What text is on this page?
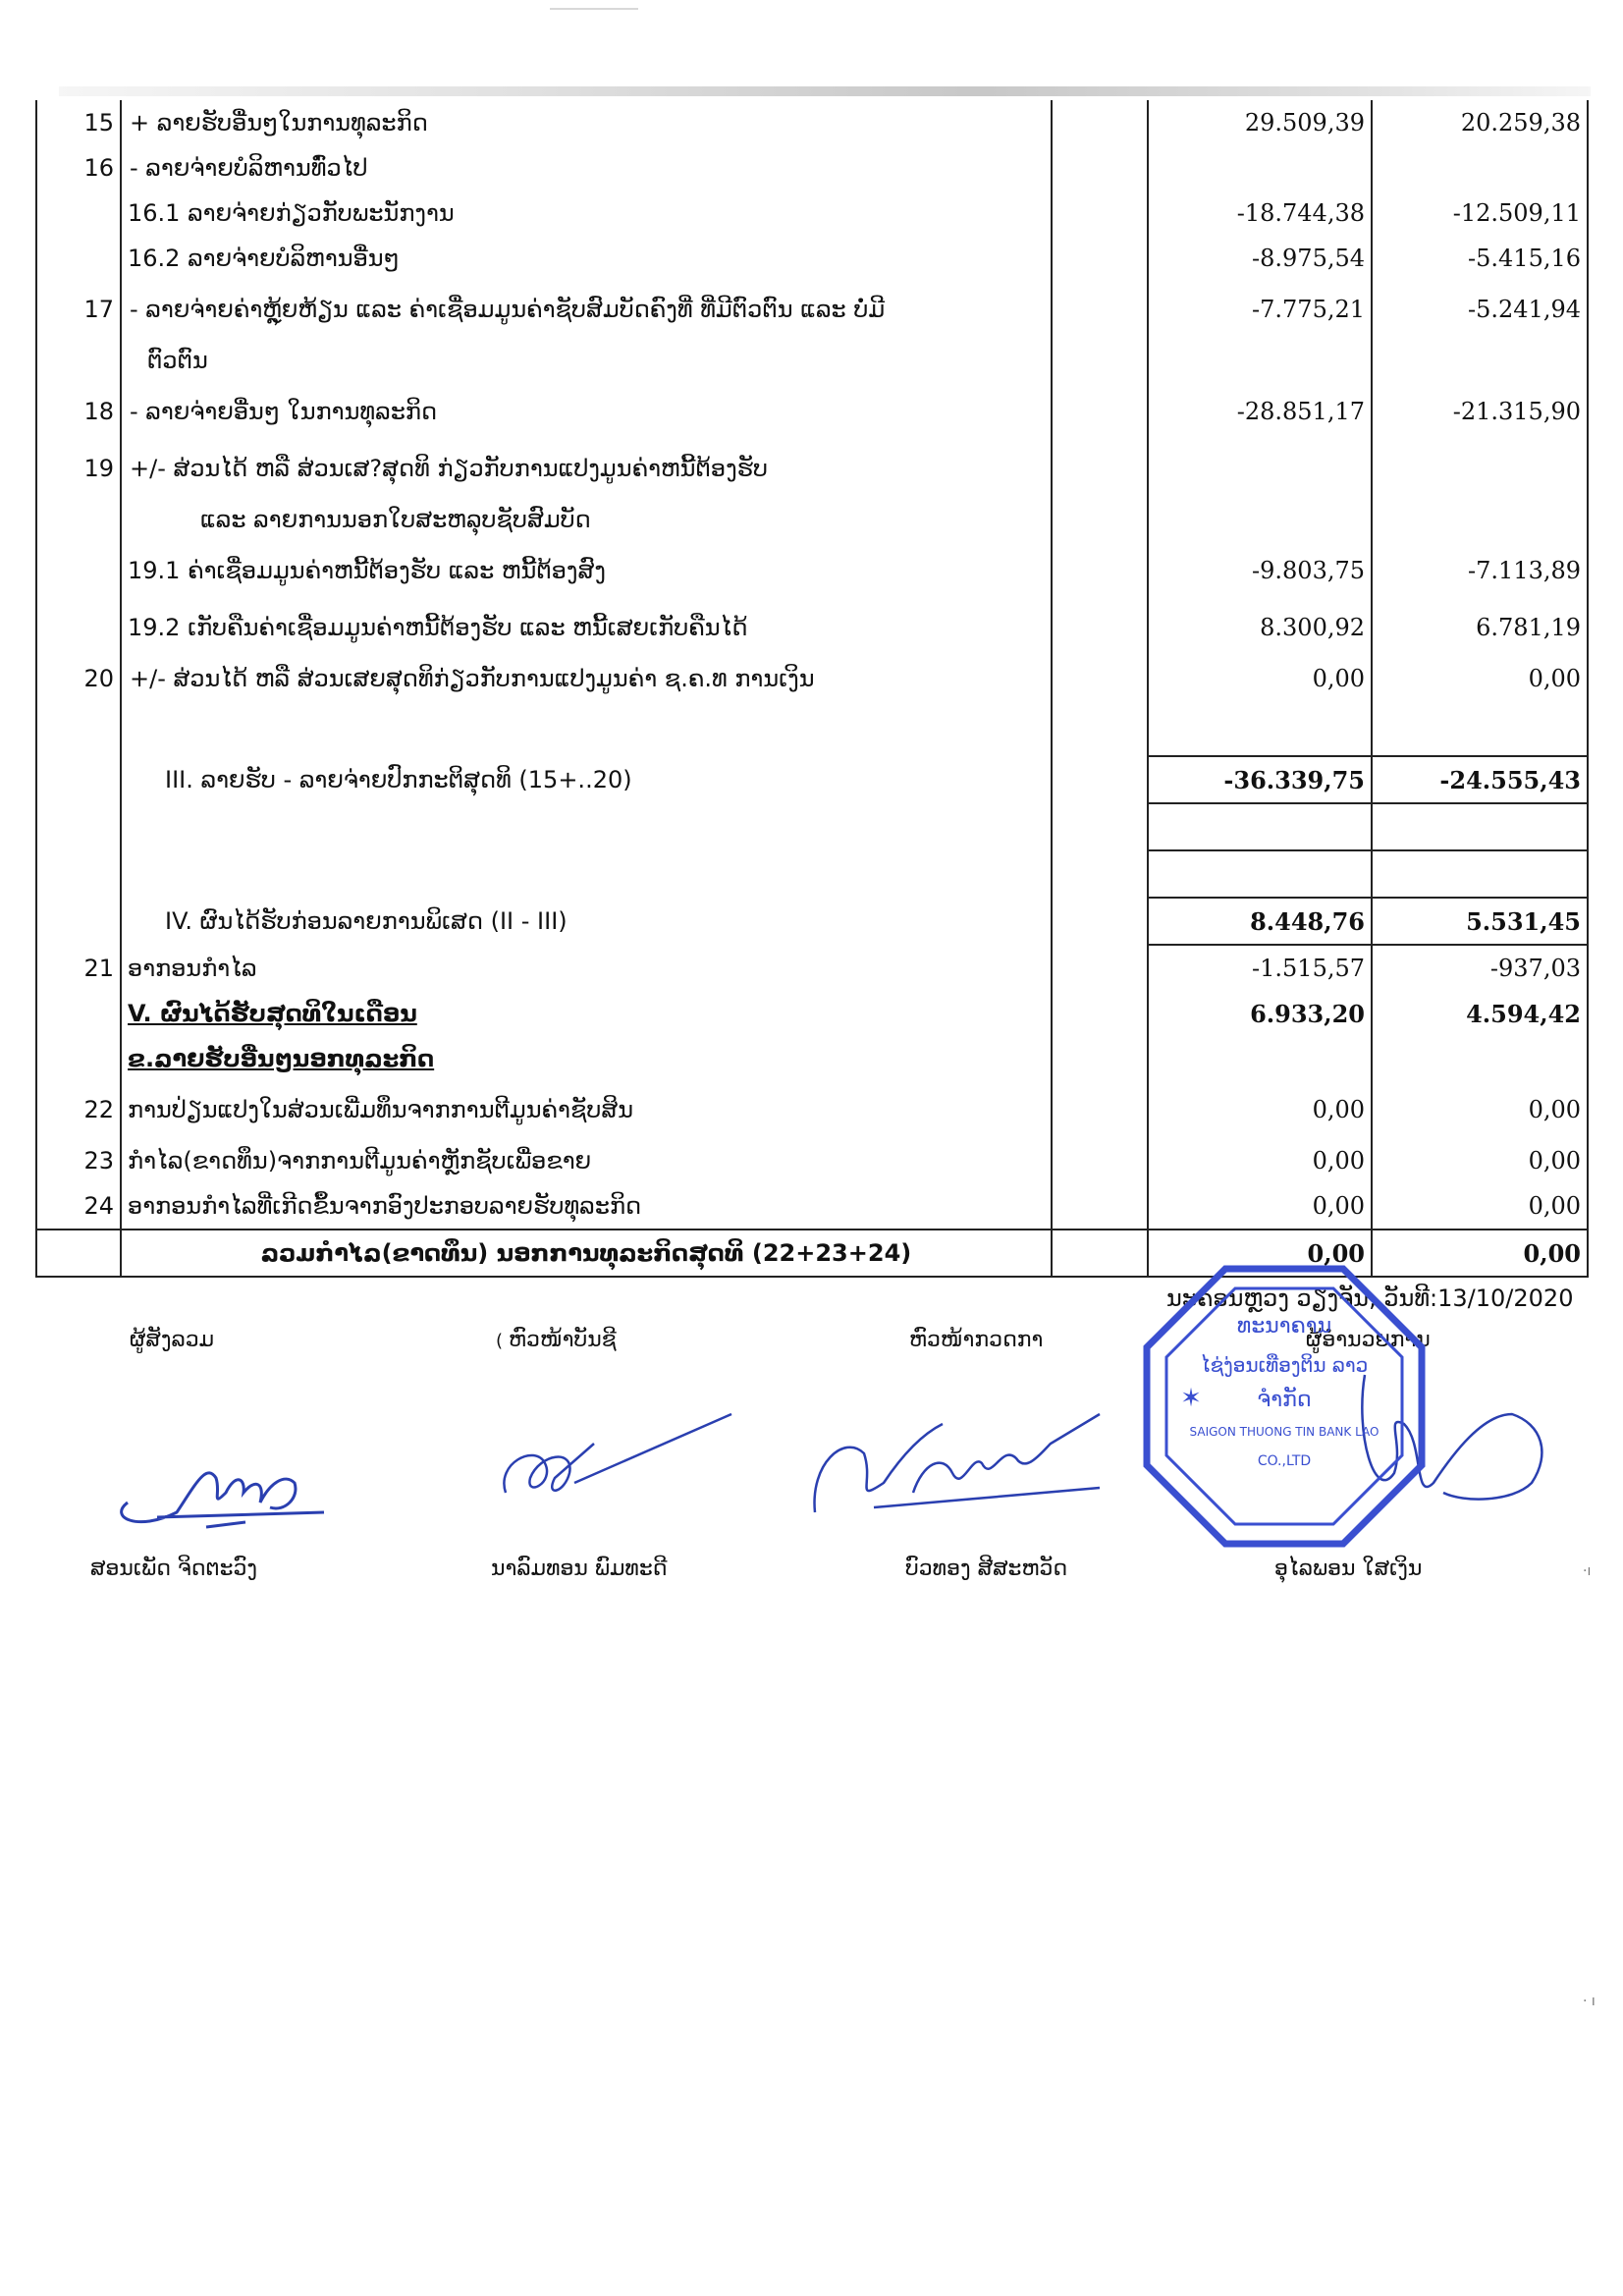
15	+ ລາຍຮັບອື່ນໆໃນການທຸລະກິດ			29.509,39	20.259,38
16	- ລາຍຈ່າຍບໍລິຫານທົ່ວໄປ				
	16.1 ລາຍຈ່າຍກ່ຽວກັບພະນັກງານ			-18.744,38	-12.509,11
	16.2 ລາຍຈ່າຍບໍລິຫານອື່ນໆ			-8.975,54	-5.415,16
17	- ລາຍຈ່າຍຄ່າຫຼຸ້ຍຫ້ຽນ ແລະ ຄ່າເຊື່ອມມູນຄ່າຊັບສົມບັດຄົງທີ່ ທີ່ມີຕົວຕົນ ແລະ ບໍ່ມີ			-7.775,21	-5.241,94
	ຕົວຕົນ				
18	- ລາຍຈ່າຍອື່ນໆ ໃນການທຸລະກິດ			-28.851,17	-21.315,90
19	+/- ສ່ວນໄດ້ ຫລື ສ່ວນເສ?ສຸດທິ ກ່ຽວກັບການແປງມູນຄ່າຫນີ້ຕ້ອງຮັບ				
	ແລະ ລາຍການນອກໃບສະຫລຸບຊັບສົມບັດ				
	19.1 ຄ່າເຊື່ອມມູນຄ່າຫນີ້ຕ້ອງຮັບ ແລະ ຫນີ້ຕ້ອງສົງ			-9.803,75	-7.113,89
	19.2 ເກັບຄືນຄ່າເຊື່ອມມູນຄ່າຫນີ້ຕ້ອງຮັບ ແລະ ຫນີ້ເສຍເກັບຄືນໄດ້			8.300,92	6.781,19
20	+/- ສ່ວນໄດ້ ຫລື ສ່ວນເສຍສຸດທິກ່ຽວກັບການແປງມູນຄ່າ ຊ.ຄ.ທ ການເງິນ			0,00	0,00

	III. ລາຍຮັບ - ລາຍຈ່າຍປົກກະຕິສຸດທິ (15+..20)			-36.339,75	-24.555,43

	IV. ຜົນໄດ້ຮັບກ່ອນລາຍການພິເສດ (II - III)			8.448,76	5.531,45
21	ອາກອນກຳໄລ			-1.515,57	-937,03
	V. ຜົນໄດ້ຮັບສຸດທິໃນເດືອນ			6.933,20	4.594,42
	ຂ.ລາຍຮັບອື່ນໆນອກທຸລະກິດ				
22	ການປ່ຽນແປງໃນສ່ວນເພີ່ມທຶນຈາກການຕີມູນຄ່າຊັບສິນ			0,00	0,00
23	ກຳໄລ(ຂາດທຶນ)ຈາກການຕີມູນຄ່າຫຼັກຊັບເພື່ອຂາຍ			0,00	0,00
24	ອາກອນກຳໄລທີ່ເກີດຂຶ້ນຈາກອົງປະກອບລາຍຮັບທຸລະກິດ			0,00	0,00
	ລວມກຳໄລ(ຂາດທຶນ) ນອກການທຸລະກິດສຸດທິ (22+23+24)			0,00	0,00
ນະຄອນຫຼວງ ວຽງຈັນ, ວັນທີ:13/10/2020
ຜູ້ສັງລວມ	( ຫົວໜ້າບັນຊີ	ຫົວໜ້າກວດກາ	ຜູ້ອຳນວຍການ
ສອນເພັດ ຈິດຕະວົງ	ນາລົມທອນ ພົມທະດີ	ບົວທອງ ສີສະຫວັດ	ອຸໄລພອນ ໃສເງິນ
ທະນາຄານ
ໄຊ່ງ່ອນເທືອງຕິນ ລາວ
ຈຳກັດ
SAIGON THUONG TIN BANK LAO
CO.,LTD
✶
·ı
· ı
